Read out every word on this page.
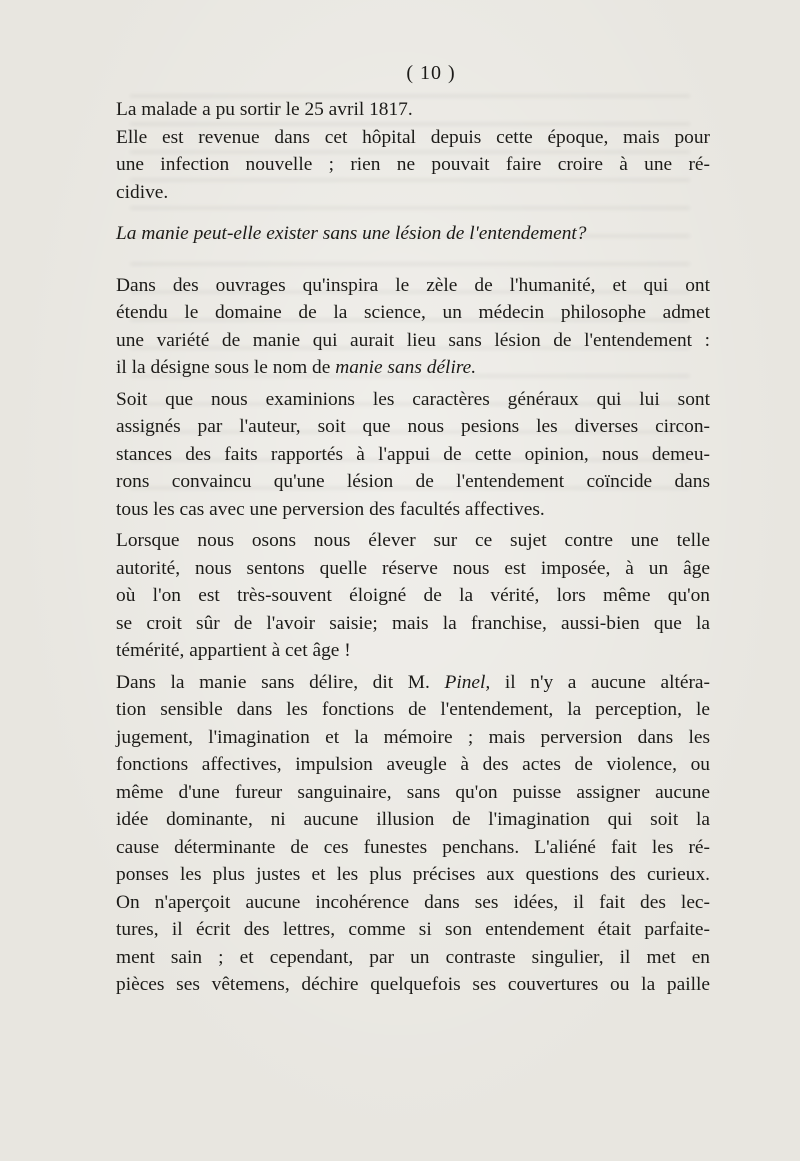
( 10 )
La malade a pu sortir le 25 avril 1817.
Elle est revenue dans cet hôpital depuis cette époque, mais pour
une infection nouvelle ; rien ne pouvait faire croire à une ré-
cidive.
La manie peut-elle exister sans une lésion de l'entendement?
Dans des ouvrages qu'inspira le zèle de l'humanité, et qui ont
étendu le domaine de la science, un médecin philosophe admet
une variété de manie qui aurait lieu sans lésion de l'entendement :
il la désigne sous le nom de manie sans délire.
Soit que nous examinions les caractères généraux qui lui sont
assignés par l'auteur, soit que nous pesions les diverses circon-
stances des faits rapportés à l'appui de cette opinion, nous demeu-
rons convaincu qu'une lésion de l'entendement coïncide dans
tous les cas avec une perversion des facultés affectives.
Lorsque nous osons nous élever sur ce sujet contre une telle
autorité, nous sentons quelle réserve nous est imposée, à un âge
où l'on est très-souvent éloigné de la vérité, lors même qu'on
se croit sûr de l'avoir saisie; mais la franchise, aussi-bien que la
témérité, appartient à cet âge !
Dans la manie sans délire, dit M. Pinel, il n'y a aucune altéra-
tion sensible dans les fonctions de l'entendement, la perception, le
jugement, l'imagination et la mémoire ; mais perversion dans les
fonctions affectives, impulsion aveugle à des actes de violence, ou
même d'une fureur sanguinaire, sans qu'on puisse assigner aucune
idée dominante, ni aucune illusion de l'imagination qui soit la
cause déterminante de ces funestes penchans. L'aliéné fait les ré-
ponses les plus justes et les plus précises aux questions des curieux.
On n'aperçoit aucune incohérence dans ses idées, il fait des lec-
tures, il écrit des lettres, comme si son entendement était parfaite-
ment sain ; et cependant, par un contraste singulier, il met en
pièces ses vêtemens, déchire quelquefois ses couvertures ou la paille
